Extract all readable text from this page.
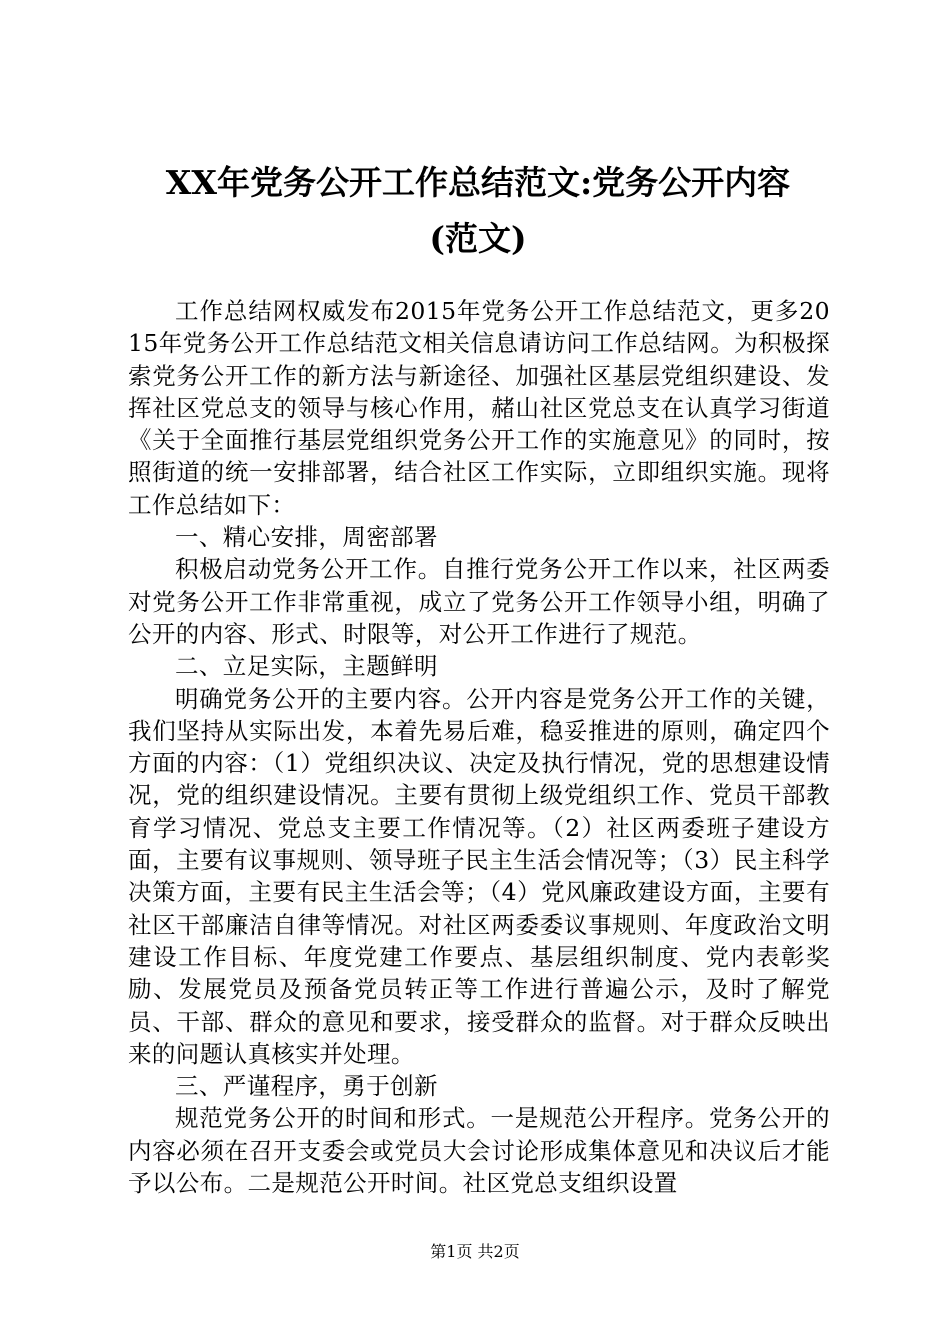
XX年党务公开工作总结范文:党务公开内容
(范文)

工作总结网权威发布2015年党务公开工作总结范文，更多2015年党务公开工作总结范文相关信息请访问工作总结网。为积极探索党务公开工作的新方法与新途径、加强社区基层党组织建设、发挥社区党总支的领导与核心作用，赭山社区党总支在认真学习街道《关于全面推行基层党组织党务公开工作的实施意见》的同时，按照街道的统一安排部署，结合社区工作实际，立即组织实施。现将工作总结如下：

一、精心安排，周密部署

积极启动党务公开工作。自推行党务公开工作以来，社区两委对党务公开工作非常重视，成立了党务公开工作领导小组，明确了公开的内容、形式、时限等，对公开工作进行了规范。

二、立足实际，主题鲜明

明确党务公开的主要内容。公开内容是党务公开工作的关键，我们坚持从实际出发，本着先易后难，稳妥推进的原则，确定四个方面的内容：（1）党组织决议、决定及执行情况，党的思想建设情况，党的组织建设情况。主要有贯彻上级党组织工作、党员干部教育学习情况、党总支主要工作情况等。（2）社区两委班子建设方面，主要有议事规则、领导班子民主生活会情况等；（3）民主科学决策方面，主要有民主生活会等；（4）党风廉政建设方面，主要有社区干部廉洁自律等情况。对社区两委委议事规则、年度政治文明建设工作目标、年度党建工作要点、基层组织制度、党内表彰奖励、发展党员及预备党员转正等工作进行普遍公示，及时了解党员、干部、群众的意见和要求，接受群众的监督。对于群众反映出来的问题认真核实并处理。

三、严谨程序，勇于创新

规范党务公开的时间和形式。一是规范公开程序。党务公开的内容必须在召开支委会或党员大会讨论形成集体意见和决议后才能予以公布。二是规范公开时间。社区党总支组织设置

第1页 共2页
